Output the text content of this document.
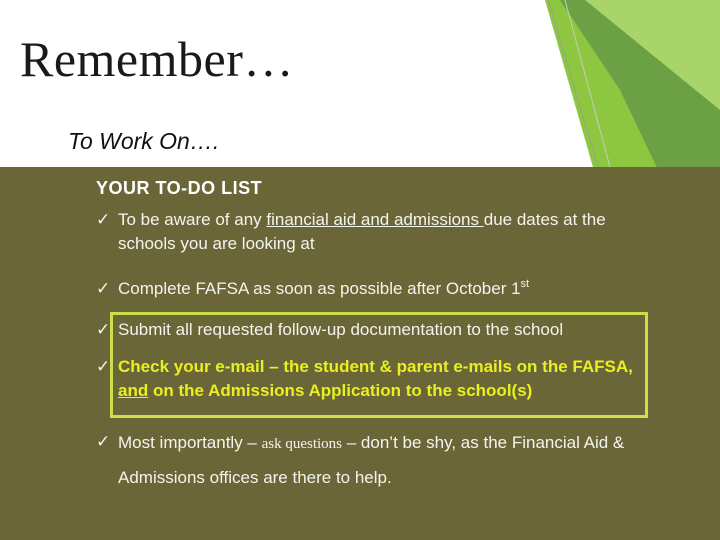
Remember…
To Work On….
YOUR TO-DO LIST
✓ To be aware of any financial aid and admissions due dates at the schools you are looking at
✓ Complete FAFSA as soon as possible after October 1st
✓ Submit all requested follow-up documentation to the school
✓ Check your e-mail – the student & parent e-mails on the FAFSA, and on the Admissions Application to the school(s)
✓ Most importantly – ask questions – don’t be shy, as the Financial Aid & Admissions offices are there to help.
